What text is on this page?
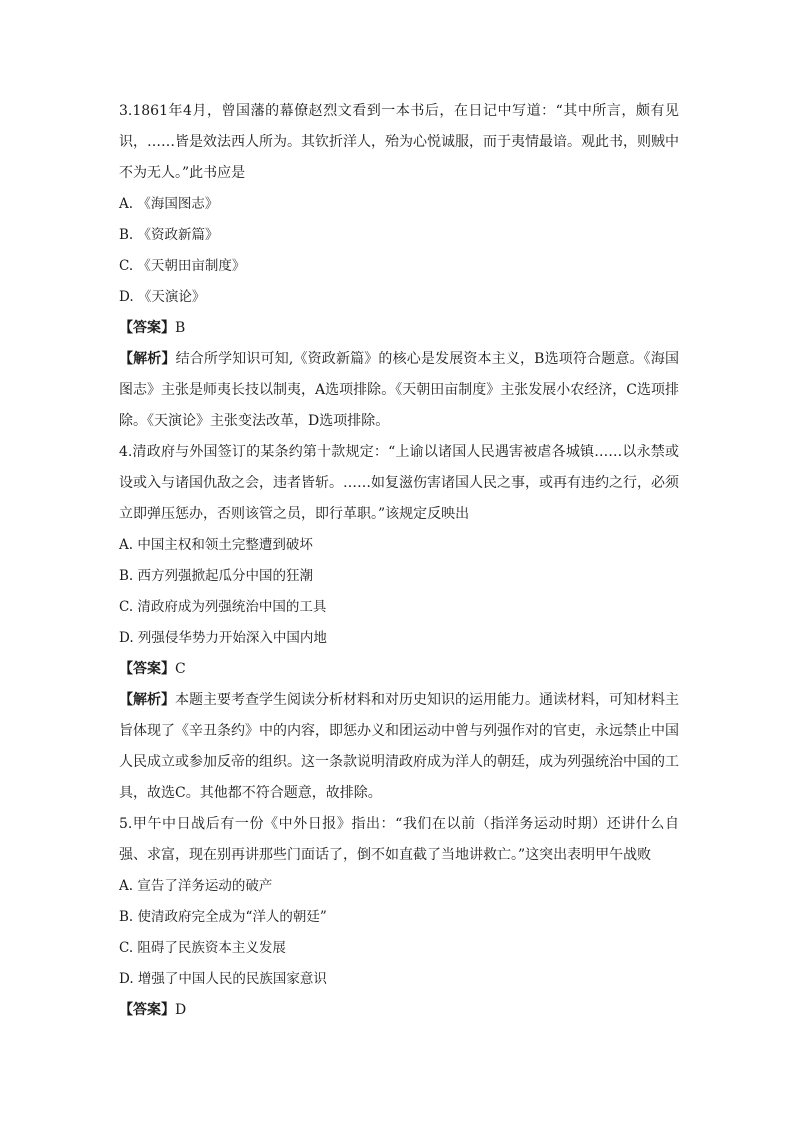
3.1861年4月，曾国藩的幕僚赵烈文看到一本书后，在日记中写道：“其中所言，颇有见识，……皆是效法西人所为。其钦折洋人，殆为心悦诚服，而于夷情最谙。观此书，则贼中不为无人。”此书应是

A. 《海国图志》

B. 《资政新篇》

C. 《天朝田亩制度》

D. 《天演论》

【答案】B

【解析】结合所学知识可知,《资政新篇》的核心是发展资本主义，B选项符合题意。《海国图志》主张是师夷长技以制夷，A选项排除。《天朝田亩制度》主张发展小农经济，C选项排除。《天演论》主张变法改革，D选项排除。

4.清政府与外国签订的某条约第十款规定：“上谕以诸国人民遇害被虐各城镇……以永禁或设或入与诸国仇敌之会，违者皆斩。……如复滋伤害诸国人民之事，或再有违约之行，必须立即弹压惩办，否则该管之员，即行革职。”该规定反映出

A. 中国主权和领土完整遭到破坏

B. 西方列强掀起瓜分中国的狂潮

C. 清政府成为列强统治中国的工具

D. 列强侵华势力开始深入中国内地

【答案】C

【解析】本题主要考查学生阅读分析材料和对历史知识的运用能力。通读材料，可知材料主旨体现了《辛丑条约》中的内容，即惩办义和团运动中曾与列强作对的官吏，永远禁止中国人民成立或参加反帝的组织。这一条款说明清政府成为洋人的朝廷，成为列强统治中国的工具，故选C。其他都不符合题意，故排除。

5.甲午中日战后有一份《中外日报》指出：“我们在以前（指洋务运动时期）还讲什么自强、求富，现在别再讲那些门面话了，倒不如直截了当地讲救亡。”这突出表明甲午战败

A. 宣告了洋务运动的破产

B. 使清政府完全成为“洋人的朝廷”

C. 阻碍了民族资本主义发展

D. 增强了中国人民的民族国家意识

【答案】D
